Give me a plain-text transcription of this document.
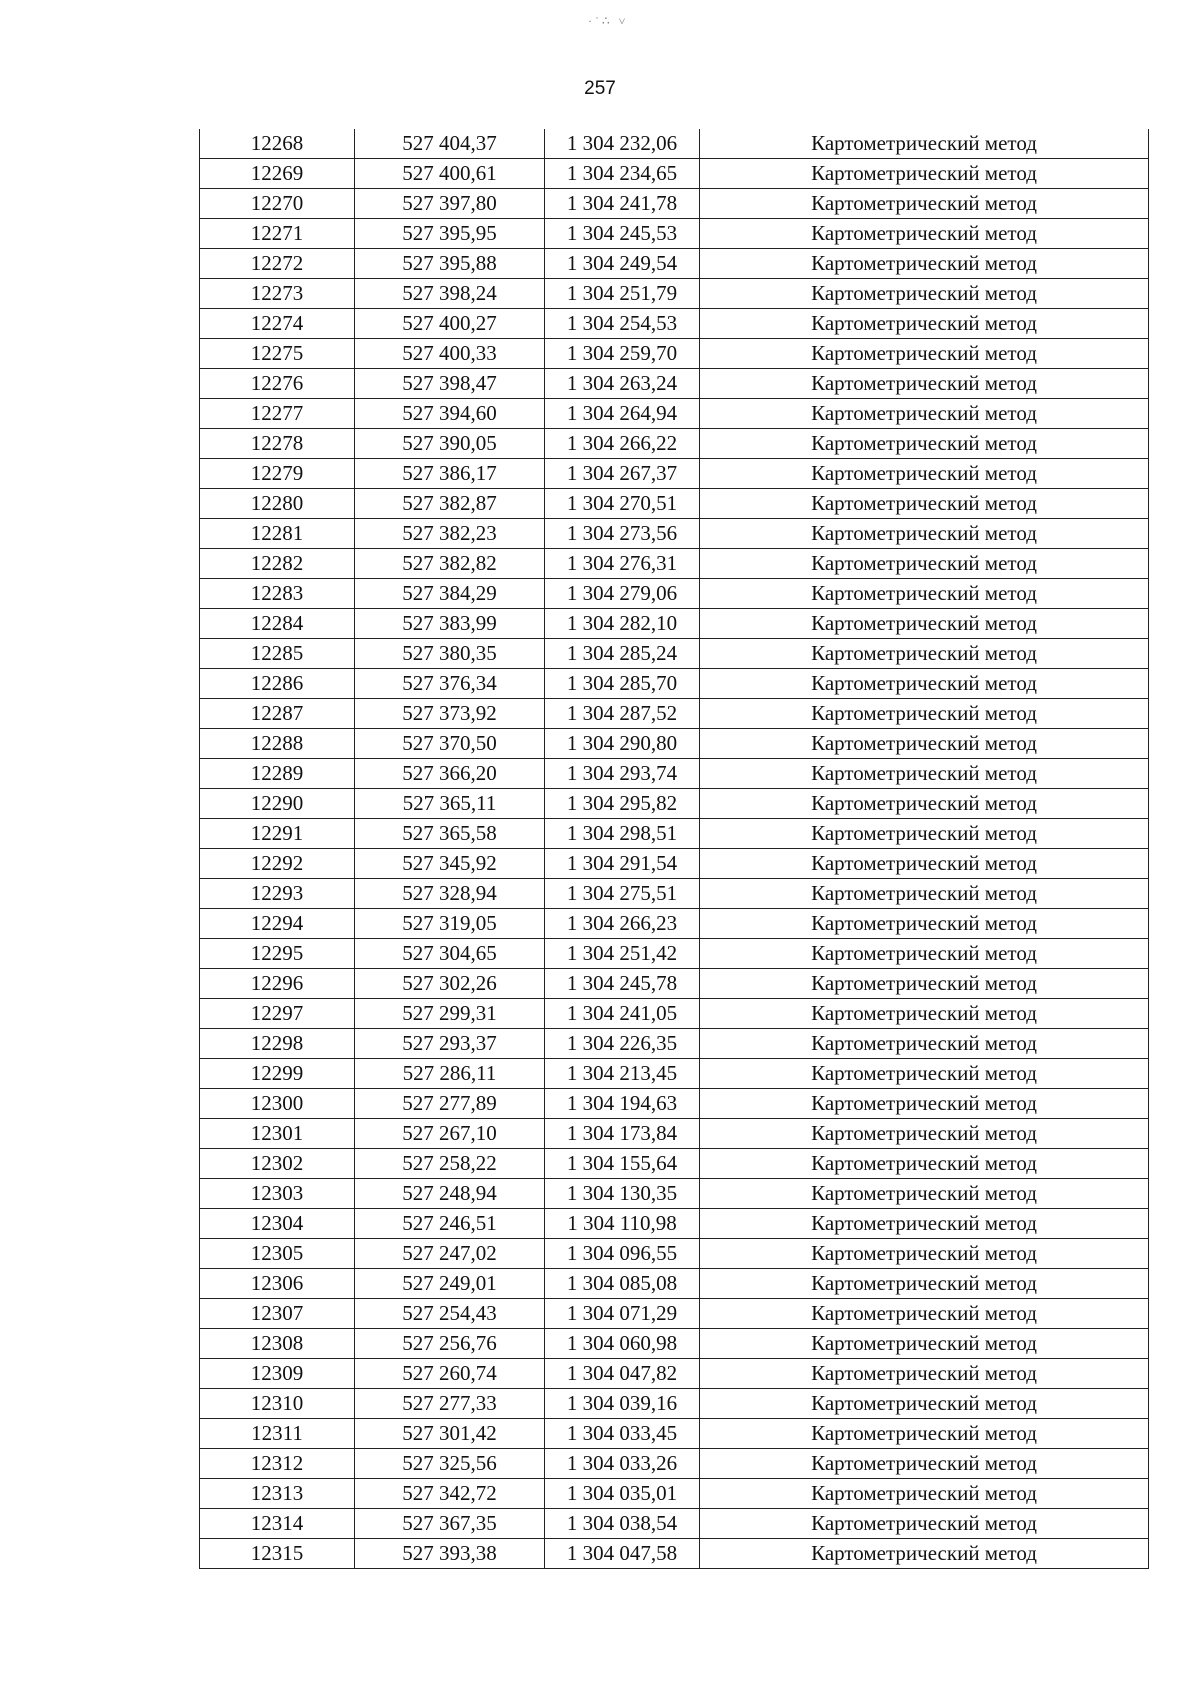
·˙∴ ˅
257
12268	527 404,37	1 304 232,06	Картометрический метод
12269	527 400,61	1 304 234,65	Картометрический метод
12270	527 397,80	1 304 241,78	Картометрический метод
12271	527 395,95	1 304 245,53	Картометрический метод
12272	527 395,88	1 304 249,54	Картометрический метод
12273	527 398,24	1 304 251,79	Картометрический метод
12274	527 400,27	1 304 254,53	Картометрический метод
12275	527 400,33	1 304 259,70	Картометрический метод
12276	527 398,47	1 304 263,24	Картометрический метод
12277	527 394,60	1 304 264,94	Картометрический метод
12278	527 390,05	1 304 266,22	Картометрический метод
12279	527 386,17	1 304 267,37	Картометрический метод
12280	527 382,87	1 304 270,51	Картометрический метод
12281	527 382,23	1 304 273,56	Картометрический метод
12282	527 382,82	1 304 276,31	Картометрический метод
12283	527 384,29	1 304 279,06	Картометрический метод
12284	527 383,99	1 304 282,10	Картометрический метод
12285	527 380,35	1 304 285,24	Картометрический метод
12286	527 376,34	1 304 285,70	Картометрический метод
12287	527 373,92	1 304 287,52	Картометрический метод
12288	527 370,50	1 304 290,80	Картометрический метод
12289	527 366,20	1 304 293,74	Картометрический метод
12290	527 365,11	1 304 295,82	Картометрический метод
12291	527 365,58	1 304 298,51	Картометрический метод
12292	527 345,92	1 304 291,54	Картометрический метод
12293	527 328,94	1 304 275,51	Картометрический метод
12294	527 319,05	1 304 266,23	Картометрический метод
12295	527 304,65	1 304 251,42	Картометрический метод
12296	527 302,26	1 304 245,78	Картометрический метод
12297	527 299,31	1 304 241,05	Картометрический метод
12298	527 293,37	1 304 226,35	Картометрический метод
12299	527 286,11	1 304 213,45	Картометрический метод
12300	527 277,89	1 304 194,63	Картометрический метод
12301	527 267,10	1 304 173,84	Картометрический метод
12302	527 258,22	1 304 155,64	Картометрический метод
12303	527 248,94	1 304 130,35	Картометрический метод
12304	527 246,51	1 304 110,98	Картометрический метод
12305	527 247,02	1 304 096,55	Картометрический метод
12306	527 249,01	1 304 085,08	Картометрический метод
12307	527 254,43	1 304 071,29	Картометрический метод
12308	527 256,76	1 304 060,98	Картометрический метод
12309	527 260,74	1 304 047,82	Картометрический метод
12310	527 277,33	1 304 039,16	Картометрический метод
12311	527 301,42	1 304 033,45	Картометрический метод
12312	527 325,56	1 304 033,26	Картометрический метод
12313	527 342,72	1 304 035,01	Картометрический метод
12314	527 367,35	1 304 038,54	Картометрический метод
12315	527 393,38	1 304 047,58	Картометрический метод
